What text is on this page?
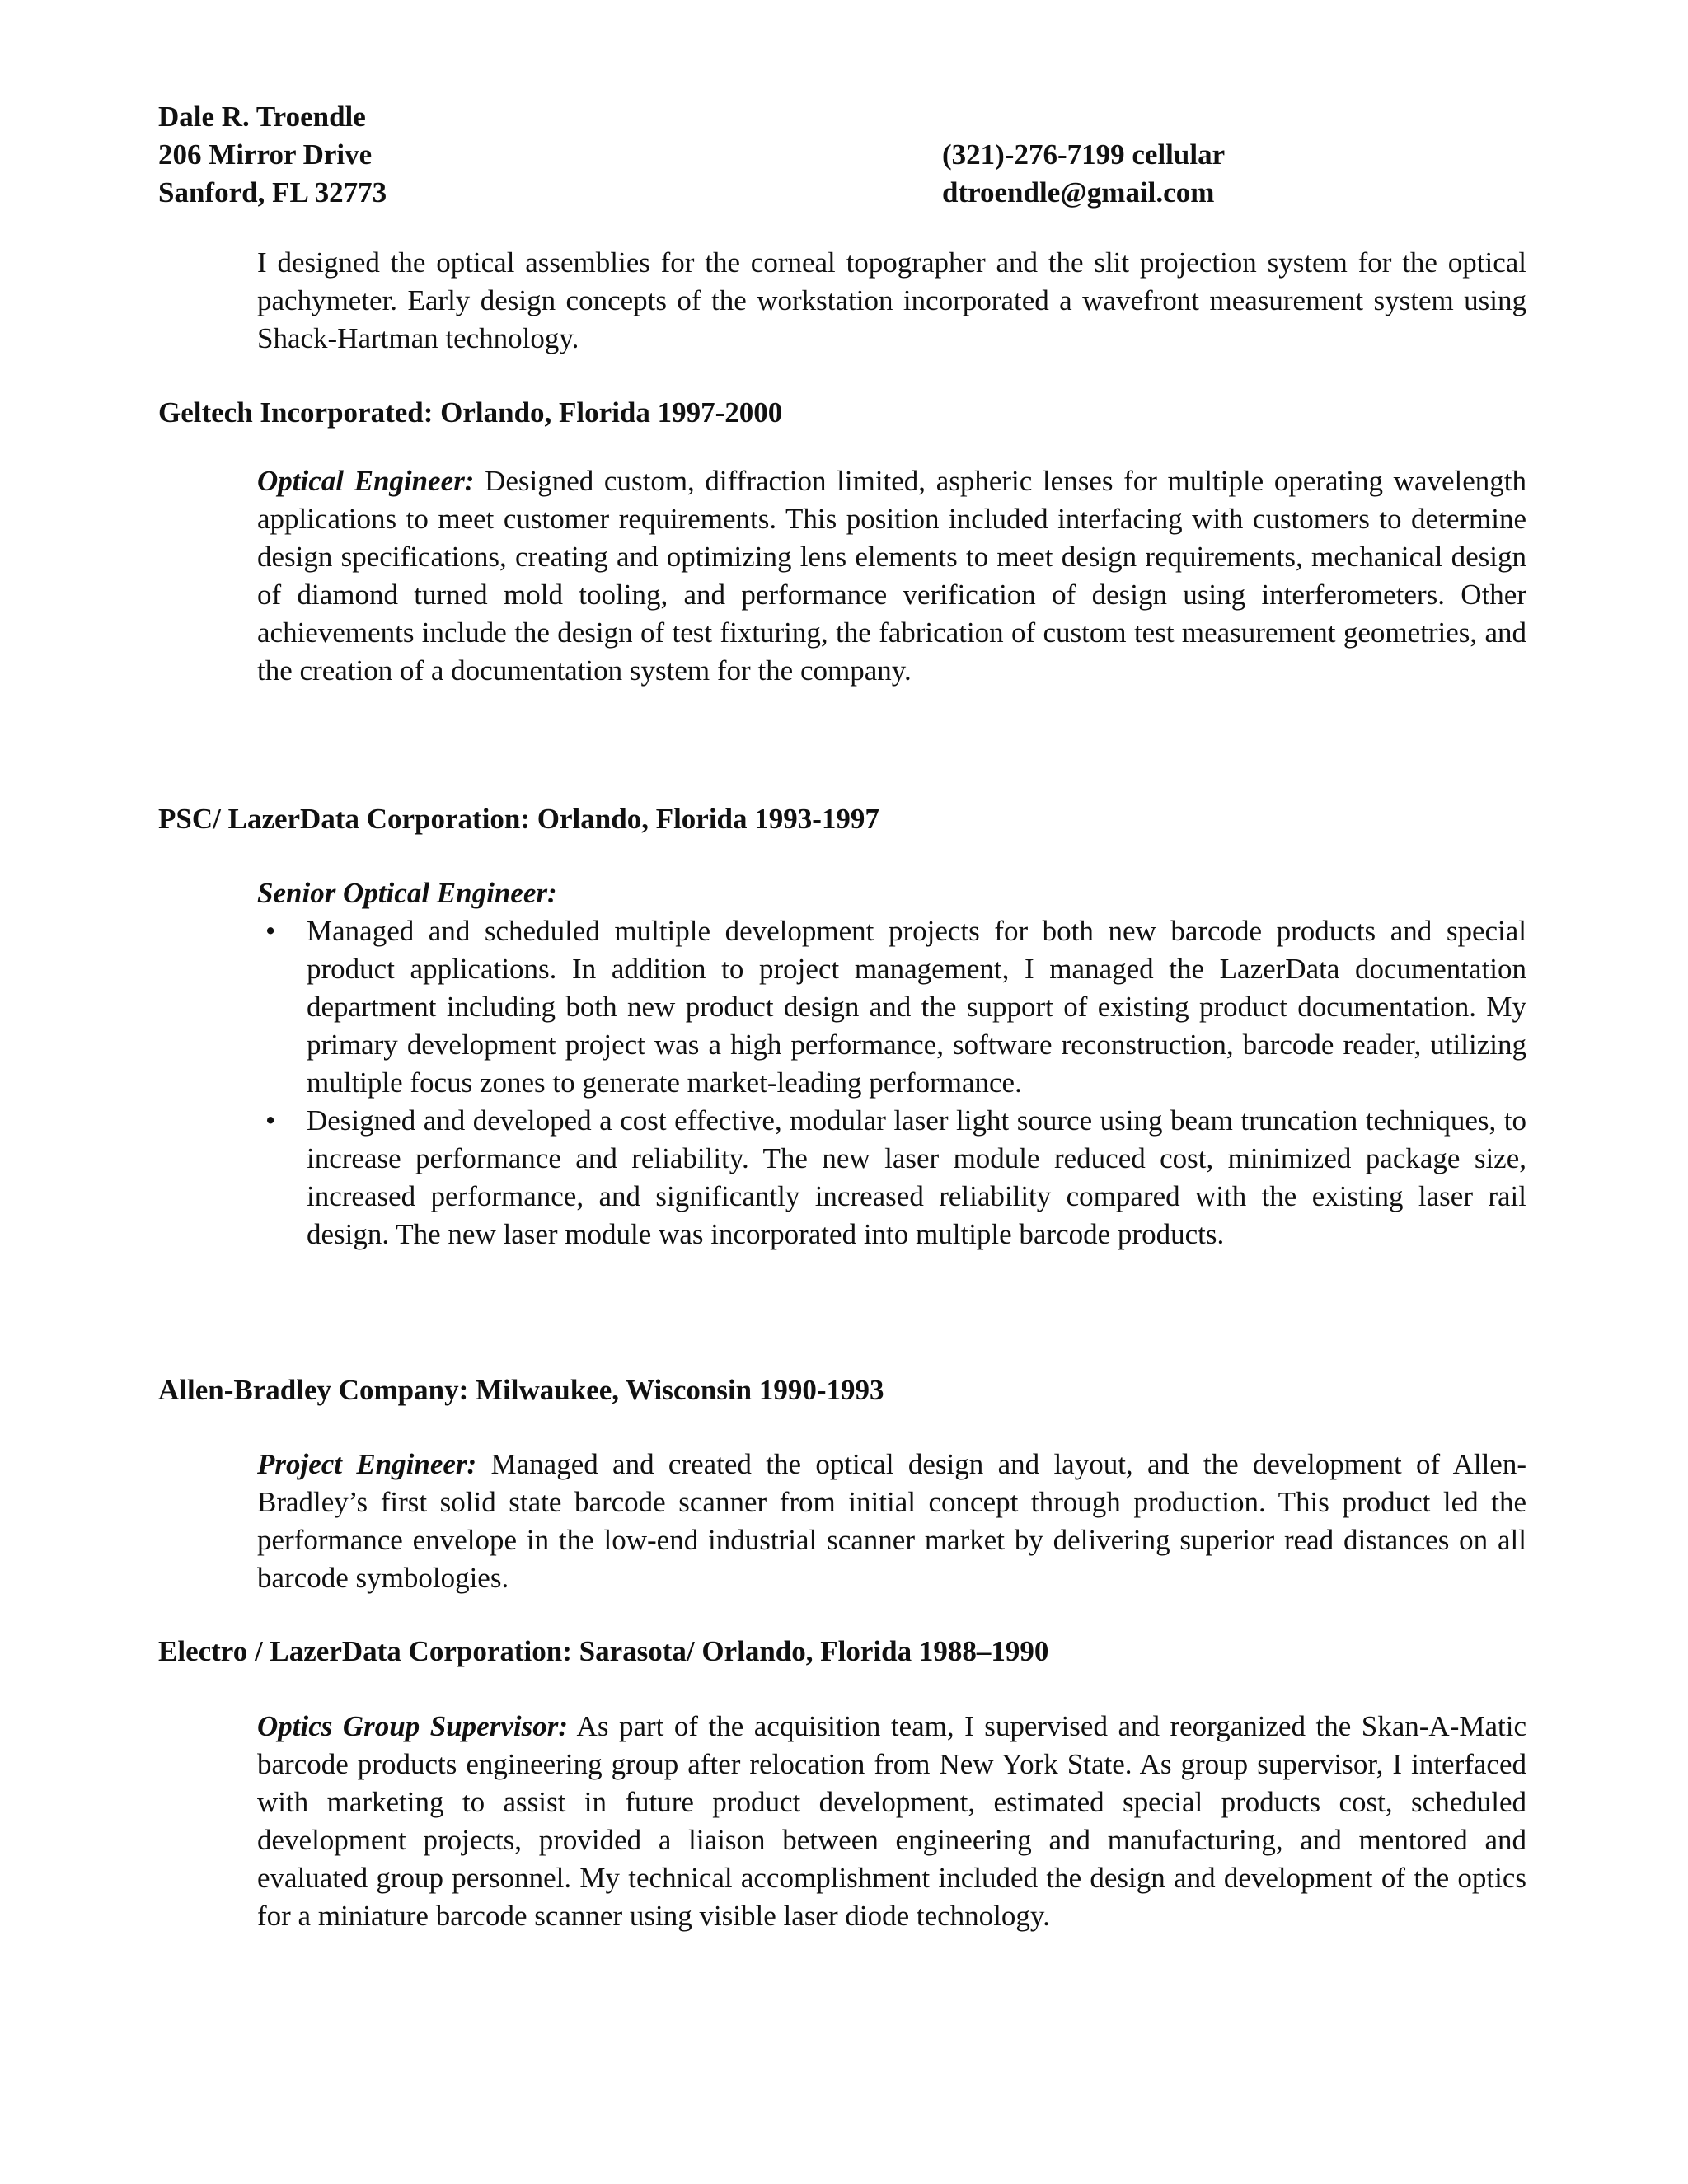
Dale R. Troendle
206 Mirror Drive
Sanford, FL 32773
(321)-276-7199 cellular
dtroendle@gmail.com
I designed the optical assemblies for the corneal topographer and the slit projection system for the optical pachymeter. Early design concepts of the workstation incorporated a wavefront measurement system using Shack-Hartman technology.
Geltech Incorporated: Orlando, Florida 1997-2000
Optical Engineer: Designed custom, diffraction limited, aspheric lenses for multiple operating wavelength applications to meet customer requirements. This position included interfacing with customers to determine design specifications, creating and optimizing lens elements to meet design requirements, mechanical design of diamond turned mold tooling, and performance verification of design using interferometers. Other achievements include the design of test fixturing, the fabrication of custom test measurement geometries, and the creation of a documentation system for the company.
PSC/ LazerData Corporation: Orlando, Florida 1993-1997
Senior Optical Engineer:
• Managed and scheduled multiple development projects for both new barcode products and special product applications. In addition to project management, I managed the LazerData documentation department including both new product design and the support of existing product documentation. My primary development project was a high performance, software reconstruction, barcode reader, utilizing multiple focus zones to generate market-leading performance.
• Designed and developed a cost effective, modular laser light source using beam truncation techniques, to increase performance and reliability. The new laser module reduced cost, minimized package size, increased performance, and significantly increased reliability compared with the existing laser rail design. The new laser module was incorporated into multiple barcode products.
Allen-Bradley Company: Milwaukee, Wisconsin 1990-1993
Project Engineer: Managed and created the optical design and layout, and the development of Allen-Bradley’s first solid state barcode scanner from initial concept through production. This product led the performance envelope in the low-end industrial scanner market by delivering superior read distances on all barcode symbologies.
Electro / LazerData Corporation: Sarasota/ Orlando, Florida 1988–1990
Optics Group Supervisor: As part of the acquisition team, I supervised and reorganized the Skan-A-Matic barcode products engineering group after relocation from New York State. As group supervisor, I interfaced with marketing to assist in future product development, estimated special products cost, scheduled development projects, provided a liaison between engineering and manufacturing, and mentored and evaluated group personnel. My technical accomplishment included the design and development of the optics for a miniature barcode scanner using visible laser diode technology.
